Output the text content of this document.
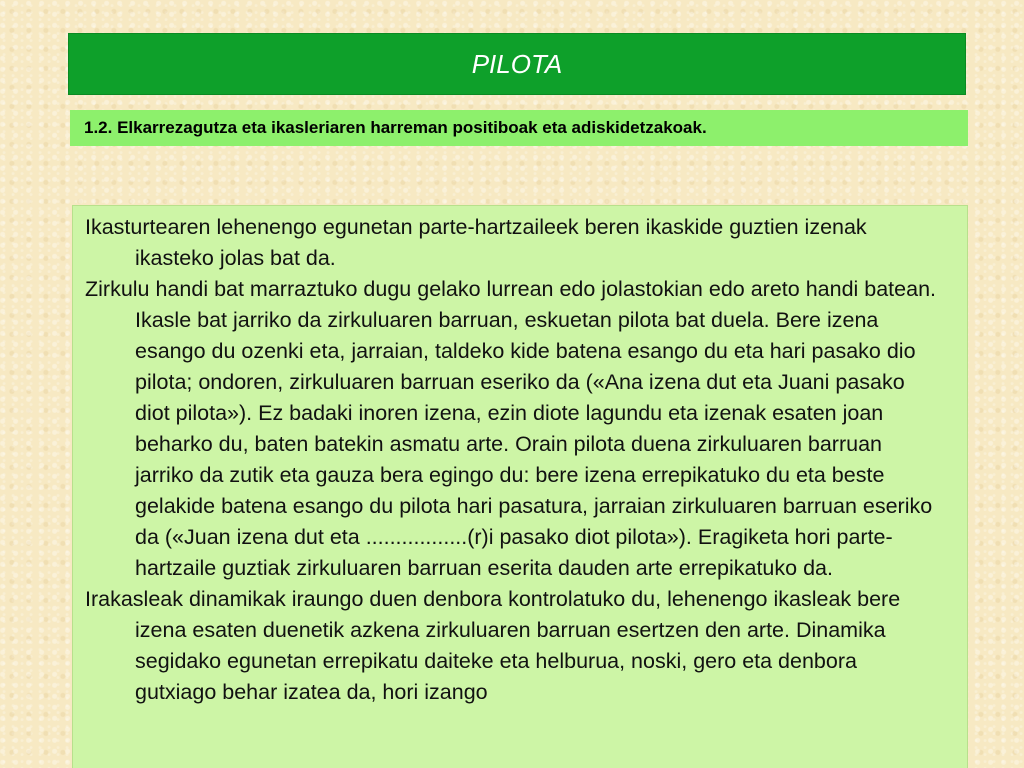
PILOTA
1.2. Elkarrezagutza eta ikasleriaren harreman positiboak eta adiskidetzakoak.

Ikasturtearen lehenengo egunetan parte-hartzaileek beren ikaskide guztien izenak ikasteko jolas bat da.

Zirkulu handi bat marraztuko dugu gelako lurrean edo jolastokian edo areto handi batean. Ikasle bat jarriko da zirkuluaren barruan, eskuetan pilota bat duela. Bere izena esango du ozenki eta, jarraian, taldeko kide batena esango du eta hari pasako dio pilota; ondoren, zirkuluaren barruan eseriko da («Ana izena dut eta Juani pasako diot pilota»). Ez badaki inoren izena, ezin diote lagundu eta izenak esaten joan beharko du, baten batekin asmatu arte. Orain pilota duena zirkuluaren barruan jarriko da zutik eta gauza bera egingo du: bere izena errepikatuko du eta beste gelakide batena esango du pilota hari pasatura, jarraian zirkuluaren barruan eseriko da («Juan izena dut eta .................(r)i pasako diot pilota»). Eragiketa hori parte-hartzaile guztiak zirkuluaren barruan eserita dauden arte errepikatuko da.

Irakasleak dinamikak iraungo duen denbora kontrolatuko du, lehenengo ikasleak bere izena esaten duenetik azkena zirkuluaren barruan esertzen den arte. Dinamika segidako egunetan errepikatu daiteke eta helburua, noski, gero eta denbora gutxiago behar izatea da, hori izango
